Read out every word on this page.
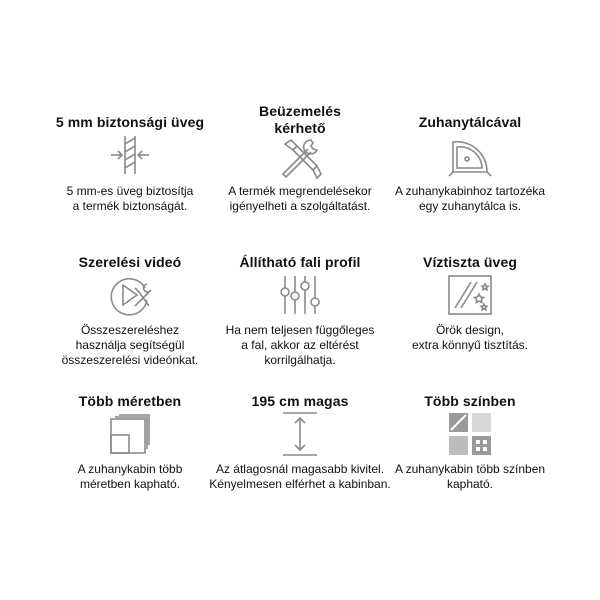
5 mm biztonsági üveg
5 mm-es üveg biztosítja
a termék biztonságát.
Beüzemelés
kérhető
A termék megrendelésekor
igényelheti a szolgáltatást.
Zuhanytálcával
A zuhanykabinhoz tartozéka
egy zuhanytálca is.
Szerelési videó
Összeszereléshez
használja segítségül
összeszerelési videónkat.
Állítható fali profil
Ha nem teljesen függőleges
a fal, akkor az eltérést
korrilgálhatja.
Víztiszta üveg
Örök design,
extra könnyű tisztítás.
Több méretben
A zuhanykabin több
méretben kapható.
195 cm magas
Az átlagosnál magasabb kivitel.
Kényelmesen elférhet a kabinban.
Több színben
A zuhanykabin több színben
kapható.
